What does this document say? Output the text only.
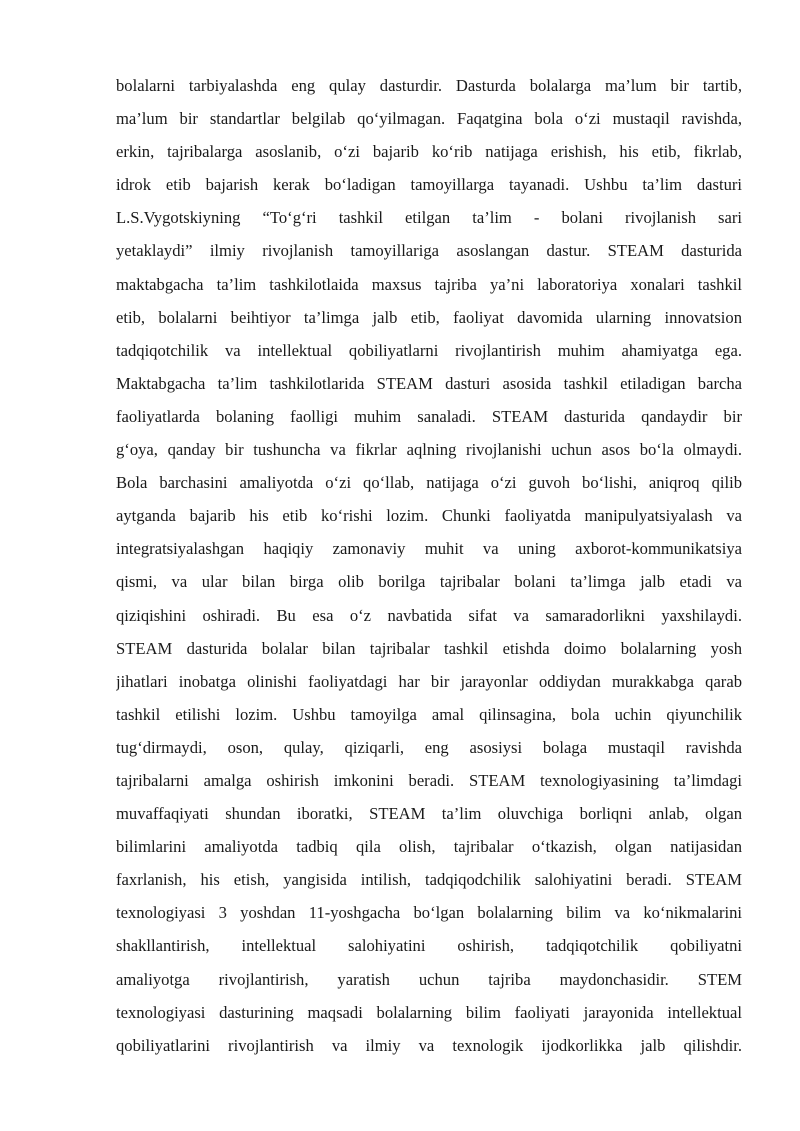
bolalarni tarbiyalashda eng qulay dasturdir. Dasturda bolalarga ma’lum bir tartib,
ma’lum bir standartlar belgilab qo‘yilmagan. Faqatgina bola o‘zi mustaqil ravishda,
erkin, tajribalarga asoslanib, o‘zi bajarib ko‘rib natijaga erishish, his etib, fikrlab,
idrok etib bajarish kerak bo‘ladigan tamoyillarga tayanadi. Ushbu ta’lim dasturi
L.S.Vygotskiyning “To‘g‘ri tashkil etilgan ta’lim - bolani rivojlanish sari
yetaklaydi” ilmiy rivojlanish tamoyillariga asoslangan dastur. STEAM dasturida
maktabgacha ta’lim tashkilotlaida maxsus tajriba ya’ni laboratoriya xonalari tashkil
etib, bolalarni beihtiyor ta’limga jalb etib, faoliyat davomida ularning innovatsion
tadqiqotchilik va intellektual qobiliyatlarni rivojlantirish muhim ahamiyatga ega.
Maktabgacha ta’lim tashkilotlarida STEAM dasturi asosida tashkil etiladigan barcha
faoliyatlarda bolaning faolligi muhim sanaladi. STEAM dasturida qandaydir bir
g‘oya, qanday bir tushuncha va fikrlar aqlning rivojlanishi uchun asos bo‘la olmaydi.
Bola barchasini amaliyotda o‘zi qo‘llab, natijaga o‘zi guvoh bo‘lishi, aniqroq qilib
aytganda bajarib his etib ko‘rishi lozim. Chunki faoliyatda manipulyatsiyalash va
integratsiyalashgan haqiqiy zamonaviy muhit va uning axborot-kommunikatsiya
qismi, va ular bilan birga olib borilga tajribalar bolani ta’limga jalb etadi va
qiziqishini oshiradi. Bu esa o‘z navbatida sifat va samaradorlikni yaxshilaydi.
STEAM dasturida bolalar bilan tajribalar tashkil etishda doimo bolalarning yosh
jihatlari inobatga olinishi faoliyatdagi har bir jarayonlar oddiydan murakkabga qarab
tashkil etilishi lozim. Ushbu tamoyilga amal qilinsagina, bola uchin qiyunchilik
tug‘dirmaydi, oson, qulay, qiziqarli, eng asosiysi bolaga mustaqil ravishda
tajribalarni amalga oshirish imkonini beradi. STEAM texnologiyasining ta’limdagi
muvaffaqiyati shundan iboratki, STEAM ta’lim oluvchiga borliqni anlab, olgan
bilimlarini amaliyotda tadbiq qila olish, tajribalar o‘tkazish, olgan natijasidan
faxrlanish, his etish, yangisida intilish, tadqiqodchilik salohiyatini beradi. STEAM
texnologiyasi 3 yoshdan 11-yoshgacha bo‘lgan bolalarning bilim va ko‘nikmalarini
shakllantirish, intellektual salohiyatini oshirish, tadqiqotchilik qobiliyatni
amaliyotga rivojlantirish, yaratish uchun tajriba maydonchasidir. STEM
texnologiyasi dasturining maqsadi bolalarning bilim faoliyati jarayonida intellektual
qobiliyatlarini rivojlantirish va ilmiy va texnologik ijodkorlikka jalb qilishdir.
